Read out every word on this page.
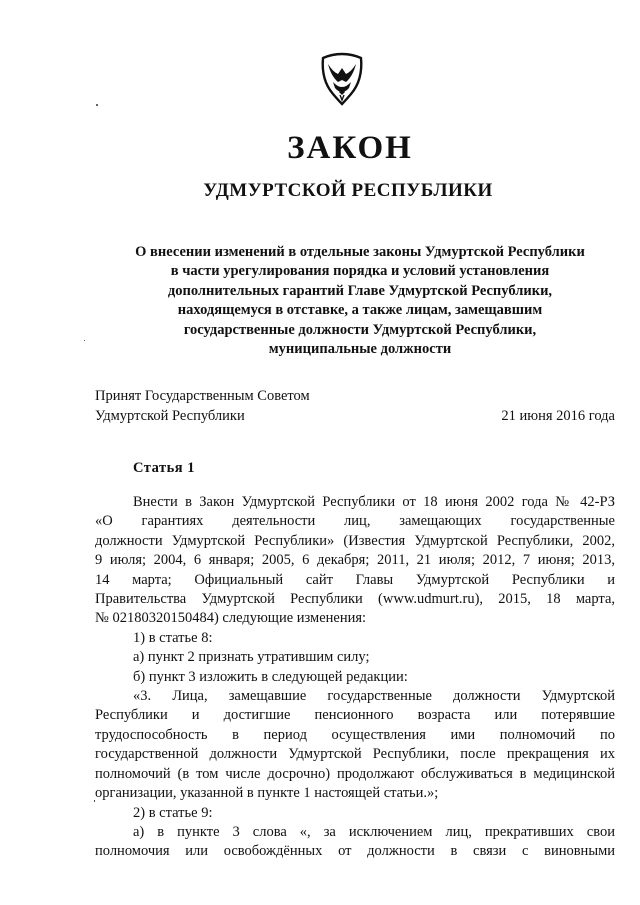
ЗАКОН
УДМУРТСКОЙ РЕСПУБЛИКИ
О внесении изменений в отдельные законы Удмуртской Республики
в части урегулирования порядка и условий установления
дополнительных гарантий Главе Удмуртской Республики,
находящемуся в отставке, а также лицам, замещавшим
государственные должности Удмуртской Республики,
муниципальные должности
Принят Государственным Советом
Удмуртской Республики	21 июня 2016 года
Статья 1
Внести в Закон Удмуртской Республики от 18 июня 2002 года № 42-РЗ
«О гарантиях деятельности лиц, замещающих государственные
должности Удмуртской Республики» (Известия Удмуртской Республики, 2002,
9 июля; 2004, 6 января; 2005, 6 декабря; 2011, 21 июля; 2012, 7 июня; 2013,
14 марта; Официальный сайт Главы Удмуртской Республики и
Правительства Удмуртской Республики (www.udmurt.ru), 2015, 18 марта,
№ 02180320150484) следующие изменения:
1) в статье 8:
а) пункт 2 признать утратившим силу;
б) пункт 3 изложить в следующей редакции:
«3. Лица, замещавшие государственные должности Удмуртской
Республики и достигшие пенсионного возраста или потерявшие
трудоспособность в период осуществления ими полномочий по
государственной должности Удмуртской Республики, после прекращения их
полномочий (в том числе досрочно) продолжают обслуживаться в медицинской
организации, указанной в пункте 1 настоящей статьи.»;
2) в статье 9:
а) в пункте 3 слова «, за исключением лиц, прекративших свои
полномочия или освобождённых от должности в связи с виновными
